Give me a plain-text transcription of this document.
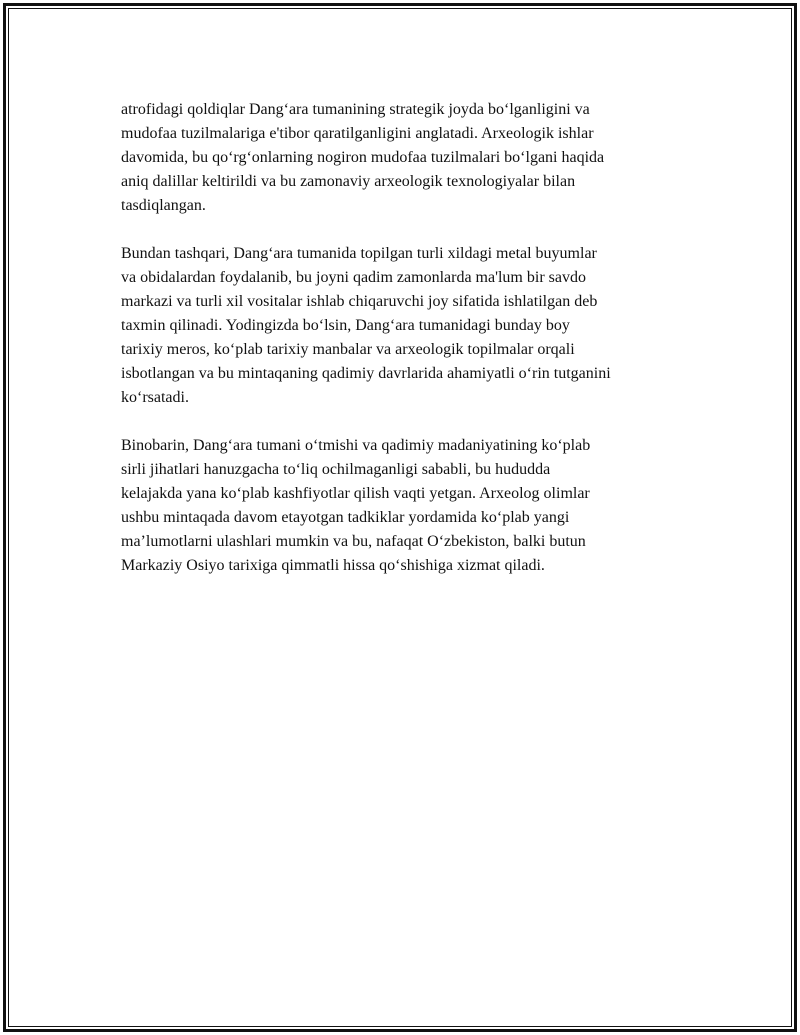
atrofidagi qoldiqlar Dang‘ara tumanining strategik joyda bo‘lganligini va
mudofaa tuzilmalariga e'tibor qaratilganligini anglatadi. Arxeologik ishlar
davomida, bu qo‘rg‘onlarning nogiron mudofaa tuzilmalari bo‘lgani haqida
aniq dalillar keltirildi va bu zamonaviy arxeologik texnologiyalar bilan
tasdiqlangan.

Bundan tashqari, Dang‘ara tumanida topilgan turli xildagi metal buyumlar
va obidalardan foydalanib, bu joyni qadim zamonlarda ma'lum bir savdo
markazi va turli xil vositalar ishlab chiqaruvchi joy sifatida ishlatilgan deb
taxmin qilinadi. Yodingizda bo‘lsin, Dang‘ara tumanidagi bunday boy
tarixiy meros, ko‘plab tarixiy manbalar va arxeologik topilmalar orqali
isbotlangan va bu mintaqaning qadimiy davrlarida ahamiyatli o‘rin tutganini
ko‘rsatadi.

Binobarin, Dang‘ara tumani o‘tmishi va qadimiy madaniyatining ko‘plab
sirli jihatlari hanuzgacha to‘liq ochilmaganligi sababli, bu hududda
kelajakda yana ko‘plab kashfiyotlar qilish vaqti yetgan. Arxeolog olimlar
ushbu mintaqada davom etayotgan tadkiklar yordamida ko‘plab yangi
ma’lumotlarni ulashlari mumkin va bu, nafaqat O‘zbekiston, balki butun
Markaziy Osiyo tarixiga qimmatli hissa qo‘shishiga xizmat qiladi.
